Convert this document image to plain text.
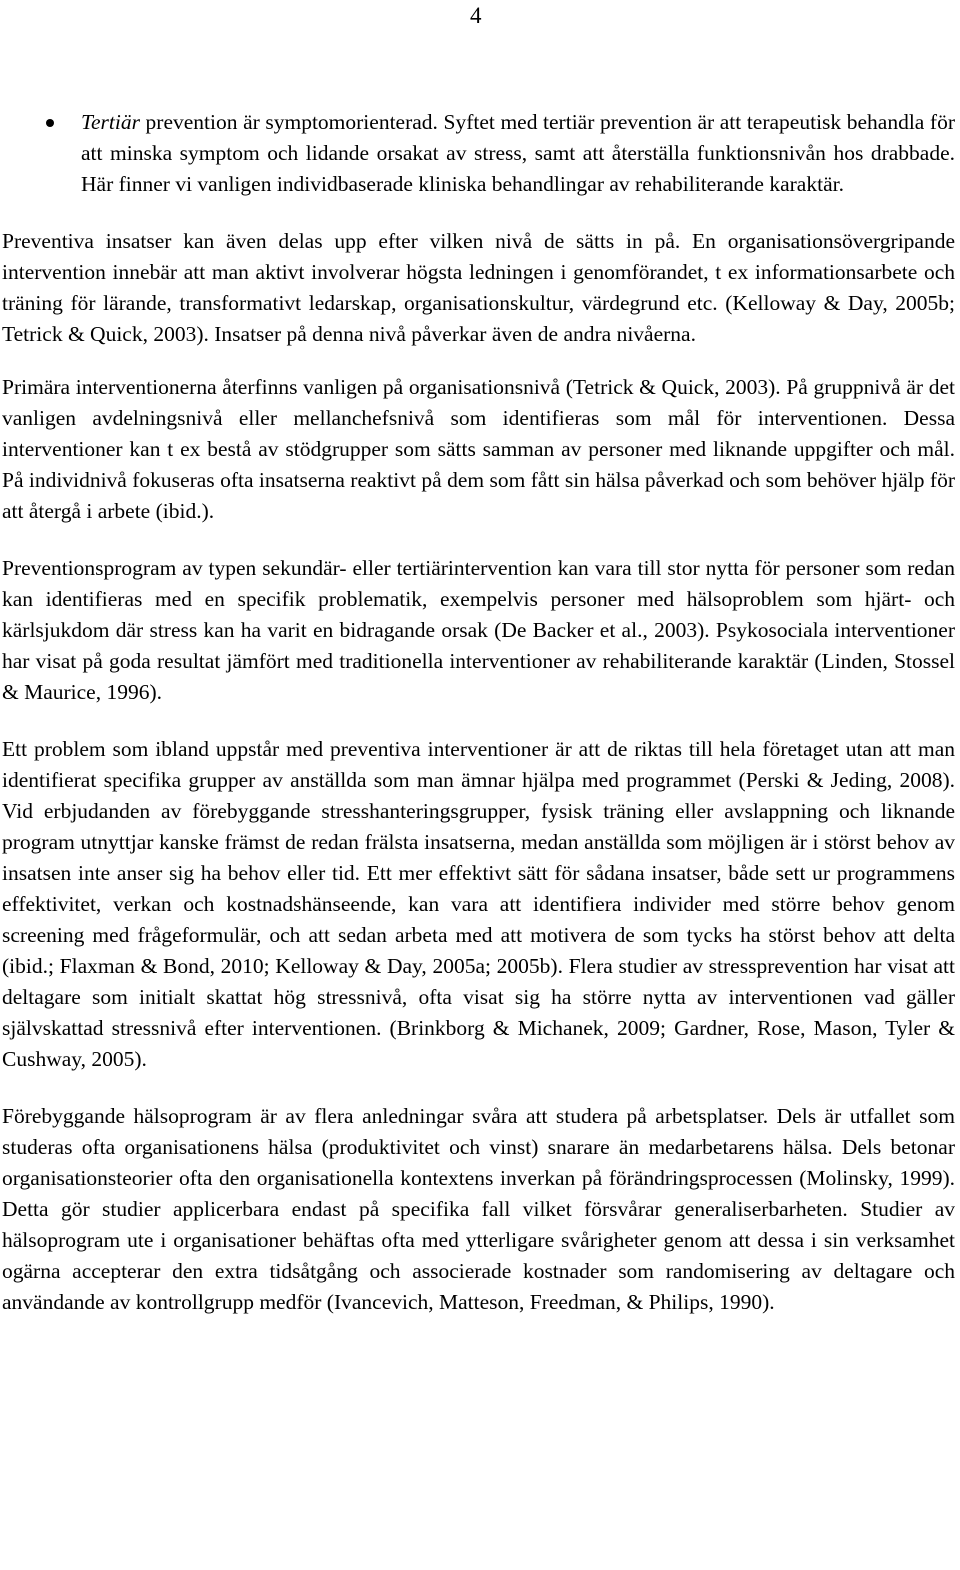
4
Tertiär prevention är symptomorienterad. Syftet med tertiär prevention är att terapeutisk behandla för att minska symptom och lidande orsakat av stress, samt att återställa funktionsnivån hos drabbade. Här finner vi vanligen individbaserade kliniska behandlingar av rehabiliterande karaktär.

Preventiva insatser kan även delas upp efter vilken nivå de sätts in på. En organisationsövergripande intervention innebär att man aktivt involverar högsta ledningen i genomförandet, t ex informationsarbete och träning för lärande, transformativt ledarskap, organisationskultur, värdegrund etc. (Kelloway & Day, 2005b; Tetrick & Quick, 2003). Insatser på denna nivå påverkar även de andra nivåerna.

Primära interventionerna återfinns vanligen på organisationsnivå (Tetrick & Quick, 2003). På gruppnivå är det vanligen avdelningsnivå eller mellanchefsnivå som identifieras som mål för interventionen. Dessa interventioner kan t ex bestå av stödgrupper som sätts samman av personer med liknande uppgifter och mål. På individnivå fokuseras ofta insatserna reaktivt på dem som fått sin hälsa påverkad och som behöver hjälp för att återgå i arbete (ibid.).

Preventionsprogram av typen sekundär- eller tertiärintervention kan vara till stor nytta för personer som redan kan identifieras med en specifik problematik, exempelvis personer med hälsoproblem som hjärt- och kärlsjukdom där stress kan ha varit en bidragande orsak (De Backer et al., 2003). Psykosociala interventioner har visat på goda resultat jämfört med traditionella interventioner av rehabiliterande karaktär (Linden, Stossel & Maurice, 1996).

Ett problem som ibland uppstår med preventiva interventioner är att de riktas till hela företaget utan att man identifierat specifika grupper av anställda som man ämnar hjälpa med programmet (Perski & Jeding, 2008). Vid erbjudanden av förebyggande stresshanteringsgrupper, fysisk träning eller avslappning och liknande program utnyttjar kanske främst de redan frälsta insatserna, medan anställda som möjligen är i störst behov av insatsen inte anser sig ha behov eller tid. Ett mer effektivt sätt för sådana insatser, både sett ur programmens effektivitet, verkan och kostnadshänseende, kan vara att identifiera individer med större behov genom screening med frågeformulär, och att sedan arbeta med att motivera de som tycks ha störst behov att delta (ibid.; Flaxman & Bond, 2010; Kelloway & Day, 2005a; 2005b). Flera studier av stressprevention har visat att deltagare som initialt skattat hög stressnivå, ofta visat sig ha större nytta av interventionen vad gäller självskattad stressnivå efter interventionen. (Brinkborg & Michanek, 2009; Gardner, Rose, Mason, Tyler & Cushway, 2005).

Förebyggande hälsoprogram är av flera anledningar svåra att studera på arbetsplatser. Dels är utfallet som studeras ofta organisationens hälsa (produktivitet och vinst) snarare än medarbetarens hälsa. Dels betonar organisationsteorier ofta den organisationella kontextens inverkan på förändringsprocessen (Molinsky, 1999). Detta gör studier applicerbara endast på specifika fall vilket försvårar generaliserbarheten. Studier av hälsoprogram ute i organisationer behäftas ofta med ytterligare svårigheter genom att dessa i sin verksamhet ogärna accepterar den extra tidsåtgång och associerade kostnader som randomisering av deltagare och användande av kontrollgrupp medför (Ivancevich, Matteson, Freedman, & Philips, 1990).
